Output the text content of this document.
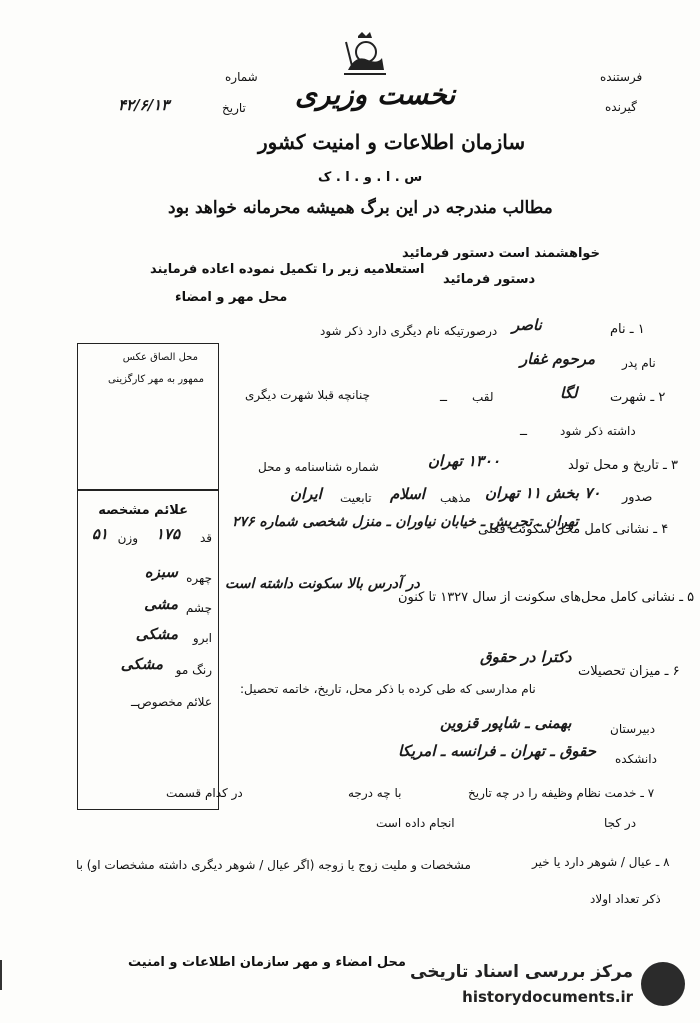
فرستنده
گیرنده
شماره
تاریخ
۴۲/۶/۱۳	نخست وزیری
سازمان اطلاعات و امنیت کشور
س . ا . و . ا . ک
مطالب مندرجه در این برگ همیشه محرمانه خواهد بود
خواهشمند است دستور فرمائید
استعلامیه زیر را تکمیل نموده اعاده فرمایند
دستور فرمائید
محل مهر و امضاء
محل الصاق عکس
ممهور به مهر کارگزینی
علائم مشخصه
قد
۱۷۵
وزن
۵۱
چهره
سبزه
چشم
مشی
ابرو
مشکی
رنگ مو
مشکی
علائم مخصوص
ــ
۱ ـ نام
ناصر
درصورتیکه نام دیگری دارد ذکر شود
نام پدر
مرحوم غفار
۲ ـ شهرت
لگا
لقب
ــ
چنانچه قبلا شهرت دیگری
داشته ذکر شود
ــ
۳ ـ تاریخ و محل تولد
۱۳۰۰ تهران
شماره شناسنامه و محل
صدور
۷۰ بخش ۱۱ تهران
مذهب
اسلام
تابعیت
ایران
۴ ـ نشانی کامل محل سکونت فعلی
تهران ـ تجریش ـ خیابان نیاوران ـ منزل شخصی شماره ۲۷۶
۵ ـ نشانی کامل محل‌های سکونت از سال ۱۳۲۷ تا کنون
در آدرس بالا سکونت داشته است
۶ ـ میزان تحصیلات
دکترا در حقوق
نام مدارسی که طی کرده با ذکر محل، تاریخ، خاتمه تحصیل:
دبیرستان
بهمنی ـ شاپور قزوین
دانشکده
حقوق ـ تهران ـ فرانسه ـ امریکا
۷ ـ خدمت نظام وظیفه را در چه تاریخ
با چه درجه
در کدام قسمت
در کجا
انجام داده است
۸ ـ عیال / شوهر دارد یا خیر
مشخصات و ملیت زوج یا زوجه (اگر عیال / شوهر دیگری داشته مشخصات او) با
ذکر تعداد اولاد
محل امضاء و مهر سازمان اطلاعات و امنیت مرکز بررسی اسناد تاریخی
historydocuments.ir
